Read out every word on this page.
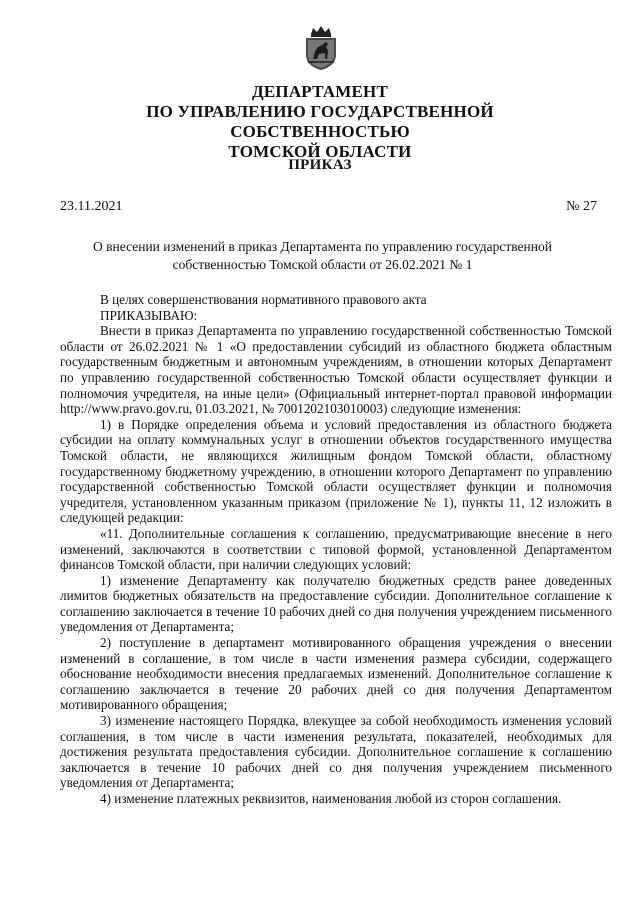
ДЕПАРТАМЕНТ
ПО УПРАВЛЕНИЮ ГОСУДАРСТВЕННОЙ СОБСТВЕННОСТЬЮ
ТОМСКОЙ ОБЛАСТИ
ПРИКАЗ
23.11.2021	№ 27
О внесении изменений в приказ Департамента по управлению государственной
собственностью Томской области от 26.02.2021 № 1

В целях совершенствования нормативного правового акта

ПРИКАЗЫВАЮ:

Внести в приказ Департамента по управлению государственной собственностью Томской области от 26.02.2021 № 1 «О предоставлении субсидий из областного бюджета областным государственным бюджетным и автономным учреждениям, в отношении которых Департамент по управлению государственной собственностью Томской области осуществляет функции и полномочия учредителя, на иные цели» (Официальный интернет-портал правовой информации http://www.pravo.gov.ru, 01.03.2021, № 7001202103010003) следующие изменения:

1) в Порядке определения объема и условий предоставления из областного бюджета субсидии на оплату коммунальных услуг в отношении объектов государственного имущества Томской области, не являющихся жилищным фондом Томской области, областному государственному бюджетному учреждению, в отношении которого Департамент по управлению государственной собственностью Томской области осуществляет функции и полномочия учредителя, установленном указанным приказом (приложение № 1), пункты 11, 12 изложить в следующей редакции:

«11. Дополнительные соглашения к соглашению, предусматривающие внесение в него изменений, заключаются в соответствии с типовой формой, установленной Департаментом финансов Томской области, при наличии следующих условий:

1) изменение Департаменту как получателю бюджетных средств ранее доведенных лимитов бюджетных обязательств на предоставление субсидии. Дополнительное соглашение к соглашению заключается в течение 10 рабочих дней со дня получения учреждением письменного уведомления от Департамента;

2) поступление в департамент мотивированного обращения учреждения о внесении изменений в соглашение, в том числе в части изменения размера субсидии, содержащего обоснование необходимости внесения предлагаемых изменений. Дополнительное соглашение к соглашению заключается в течение 20 рабочих дней со дня получения Департаментом мотивированного обращения;

3) изменение настоящего Порядка, влекущее за собой необходимость изменения условий соглашения, в том числе в части изменения результата, показателей, необходимых для достижения результата предоставления субсидии. Дополнительное соглашение к соглашению заключается в течение 10 рабочих дней со дня получения учреждением письменного уведомления от Департамента;

4) изменение платежных реквизитов, наименования любой из сторон соглашения.
